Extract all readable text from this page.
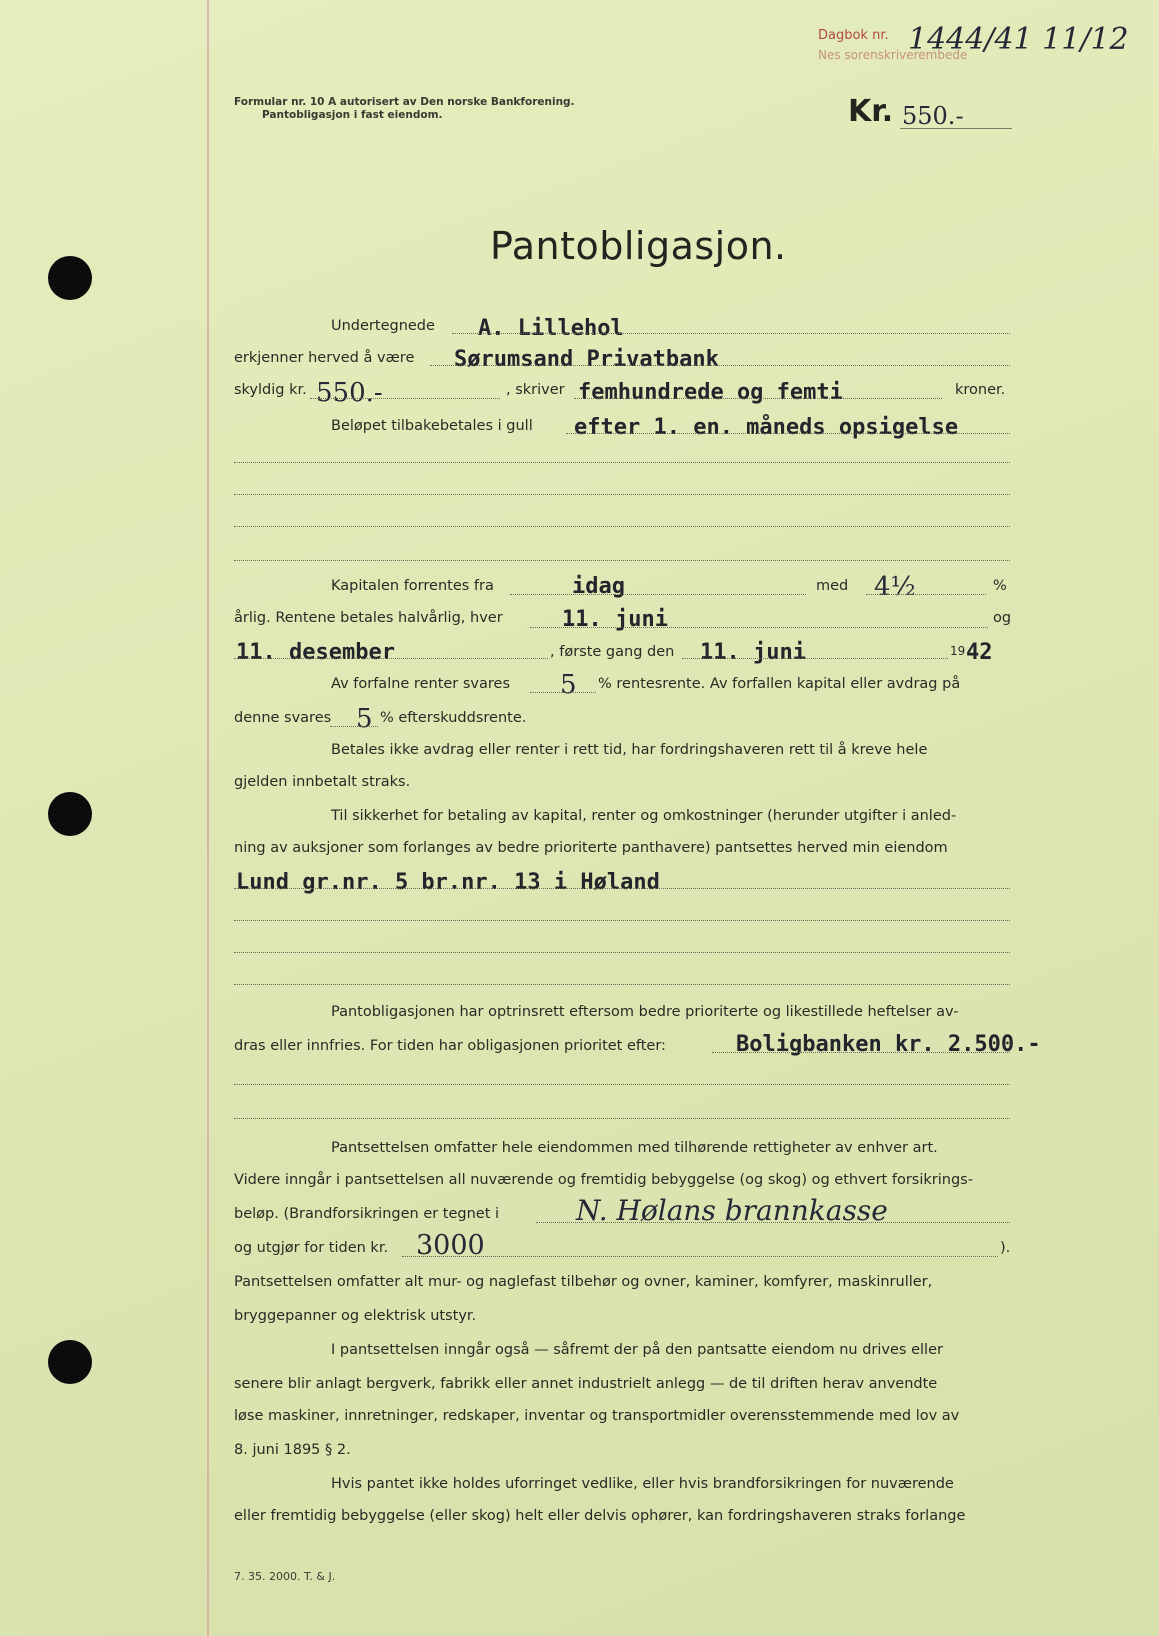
Formular nr. 10 A autorisert av Den norske Bankforening.
Pantobligasjon i fast eiendom.
Dagbok nr.
Nes sorenskriverembede
1444/41 11/12
Kr. 550.-
Pantobligasjon.
Undertegnede A. Lillehol
erkjenner herved å være Sørumsand Privatbank
skyldig kr. 550.-	, skriver femhundrede og femti	kroner.
Beløpet tilbakebetales i gull efter 1. en. måneds opsigelse
Kapitalen forrentes fra	idag	med 4½	%
årlig. Rentene betales halvårlig, hver	11. juni	og
11. desember	, første gang den 11. juni	19 42
Av forfalne renter svares 5 % rentesrente. Av forfallen kapital eller avdrag på
denne svares 5 % efterskuddsrente.
Betales ikke avdrag eller renter i rett tid, har fordringshaveren rett til å kreve hele
gjelden innbetalt straks.
Til sikkerhet for betaling av kapital, renter og omkostninger (herunder utgifter i anled-
ning av auksjoner som forlanges av bedre prioriterte panthavere) pantsettes herved min eiendom
Lund gr.nr. 5 br.nr. 13 i Høland
Pantobligasjonen har optrinsrett eftersom bedre prioriterte og likestillede heftelser av-
dras eller innfries. For tiden har obligasjonen prioritet efter:	Boligbanken kr. 2.500.-
Pantsettelsen omfatter hele eiendommen med tilhørende rettigheter av enhver art.
Videre inngår i pantsettelsen all nuværende og fremtidig bebyggelse (og skog) og ethvert forsikrings-
beløp. (Brandforsikringen er tegnet i	N. Hølans brannkasse
og utgjør for tiden kr. 3000	).
Pantsettelsen omfatter alt mur- og naglefast tilbehør og ovner, kaminer, komfyrer, maskinruller,
bryggepanner og elektrisk utstyr.
I pantsettelsen inngår også — såfremt der på den pantsatte eiendom nu drives eller
senere blir anlagt bergverk, fabrikk eller annet industrielt anlegg — de til driften herav anvendte
løse maskiner, innretninger, redskaper, inventar og transportmidler overensstemmende med lov av
8. juni 1895 § 2.
Hvis pantet ikke holdes uforringet vedlike, eller hvis brandforsikringen for nuværende
eller fremtidig bebyggelse (eller skog) helt eller delvis ophører, kan fordringshaveren straks forlange
7. 35. 2000. T. & J.
